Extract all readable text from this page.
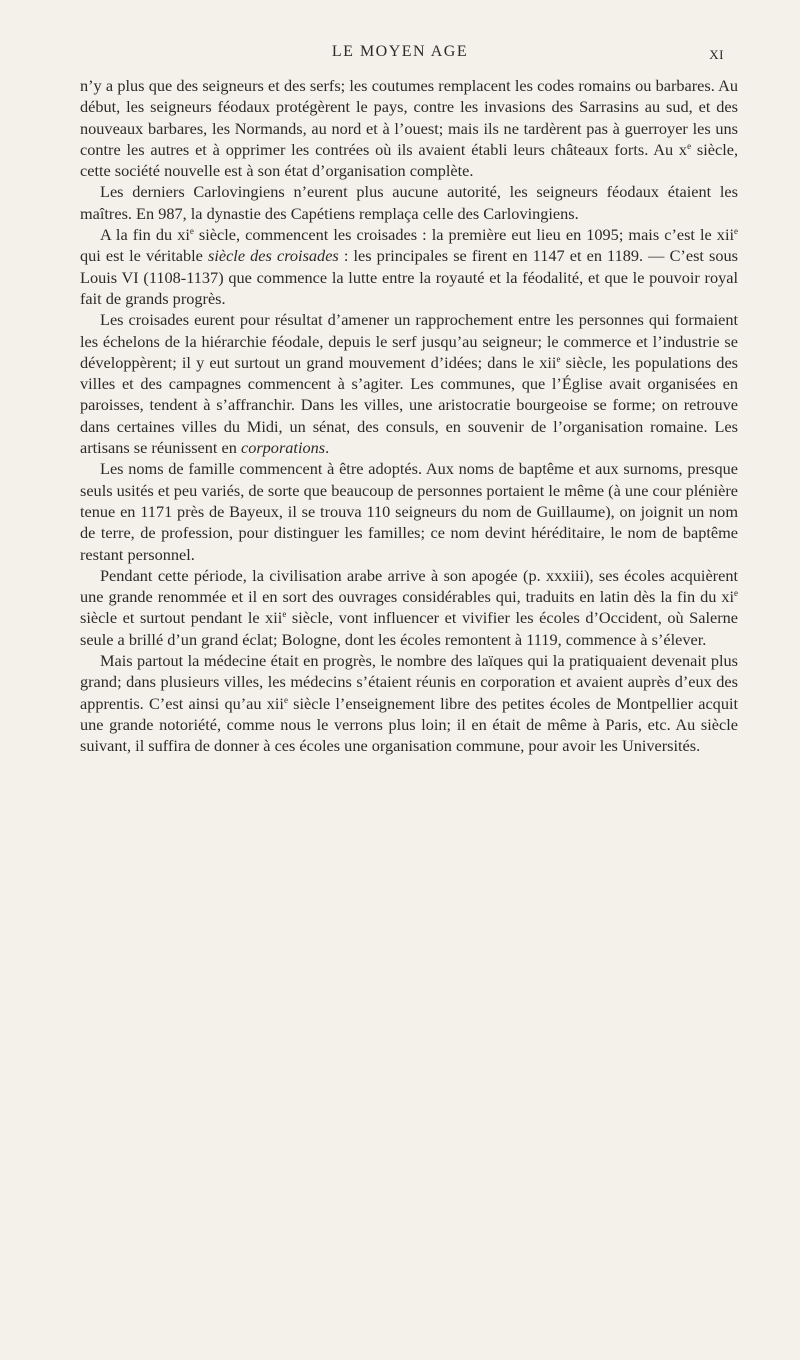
LE MOYEN AGE	XI

n’y a plus que des seigneurs et des serfs; les coutumes remplacent les codes romains ou barbares. Au début, les seigneurs féodaux protégèrent le pays, contre les invasions des Sarrasins au sud, et des nouveaux barbares, les Normands, au nord et à l’ouest; mais ils ne tardèrent pas à guerroyer les uns contre les autres et à opprimer les contrées où ils avaient établi leurs châteaux forts. Au $x^e$ siècle, cette société nouvelle est à son état d’organisation complète.

Les derniers Carlovingiens n’eurent plus aucune autorité, les seigneurs féodaux étaient les maîtres. En 987, la dynastie des Capétiens remplaça celle des Carlovingiens.

A la fin du $xi^e$ siècle, commencent les croisades : la première eut lieu en 1095; mais c’est le xii$^e$ qui est le véritable siècle des croisades : les principales se firent en 1147 et en 1189. — C’est sous Louis VI (1108-1137) que commence la lutte entre la royauté et la féodalité, et que le pouvoir royal fait de grands progrès.

Les croisades eurent pour résultat d’amener un rapprochement entre les personnes qui formaient les échelons de la hiérarchie féodale, depuis le serf jusqu’au seigneur; le commerce et l’industrie se développèrent; il y eut surtout un grand mouvement d’idées; dans le xii$^e$ siècle, les populations des villes et des campagnes commencent à s’agiter. Les communes, que l’Église avait organisées en paroisses, tendent à s’affranchir. Dans les villes, une aristocratie bourgeoise se forme; on retrouve dans certaines villes du Midi, un sénat, des consuls, en souvenir de l’organisation romaine. Les artisans se réunissent en corporations.

Les noms de famille commencent à être adoptés. Aux noms de baptême et aux surnoms, presque seuls usités et peu variés, de sorte que beaucoup de personnes portaient le même (à une cour plénière tenue en 1171 près de Bayeux, il se trouva 110 seigneurs du nom de Guillaume), on joignit un nom de terre, de profession, pour distinguer les familles; ce nom devint héréditaire, le nom de baptême restant personnel.

Pendant cette période, la civilisation arabe arrive à son apogée (p. xxxiii), ses écoles acquièrent une grande renommée et il en sort des ouvrages considérables qui, traduits en latin dès la fin du $xi^e$ siècle et surtout pendant le xii$^e$ siècle, vont influencer et vivifier les écoles d’Occident, où Salerne seule a brillé d’un grand éclat; Bologne, dont les écoles remontent à 1119, commence à s’élever.

Mais partout la médecine était en progrès, le nombre des laïques qui la pratiquaient devenait plus grand; dans plusieurs villes, les médecins s’étaient réunis en corporation et avaient auprès d’eux des apprentis. C’est ainsi qu’au xii$^e$ siècle l’enseignement libre des petites écoles de Montpellier acquit une grande notoriété, comme nous le verrons plus loin; il en était de même à Paris, etc. Au siècle suivant, il suffira de donner à ces écoles une organisation commune, pour avoir les Universités.
